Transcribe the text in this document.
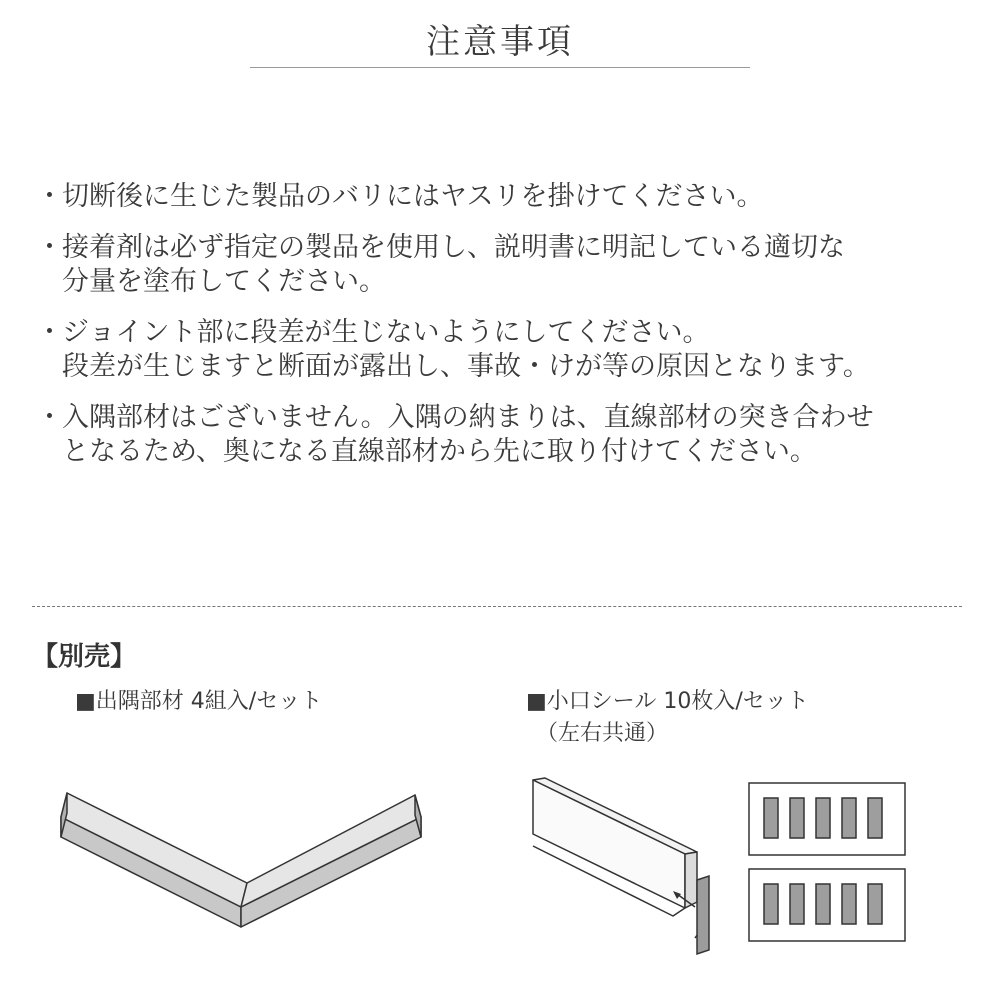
注意事項
・ 切断後に生じた製品のバリにはヤスリを掛けてください。
・ 接着剤は必ず指定の製品を使用し、説明書に明記している適切な
分量を塗布してください。
・ ジョイント部に段差が生じないようにしてください。
段差が生じますと断面が露出し、事故・けが等の原因となります。
・ 入隅部材はございません。入隅の納まりは、直線部材の突き合わせ
となるため、奥になる直線部材から先に取り付けてください。
【別売】
■出隅部材 4組入/セット	■小口シール 10枚入/セット
（左右共通）
